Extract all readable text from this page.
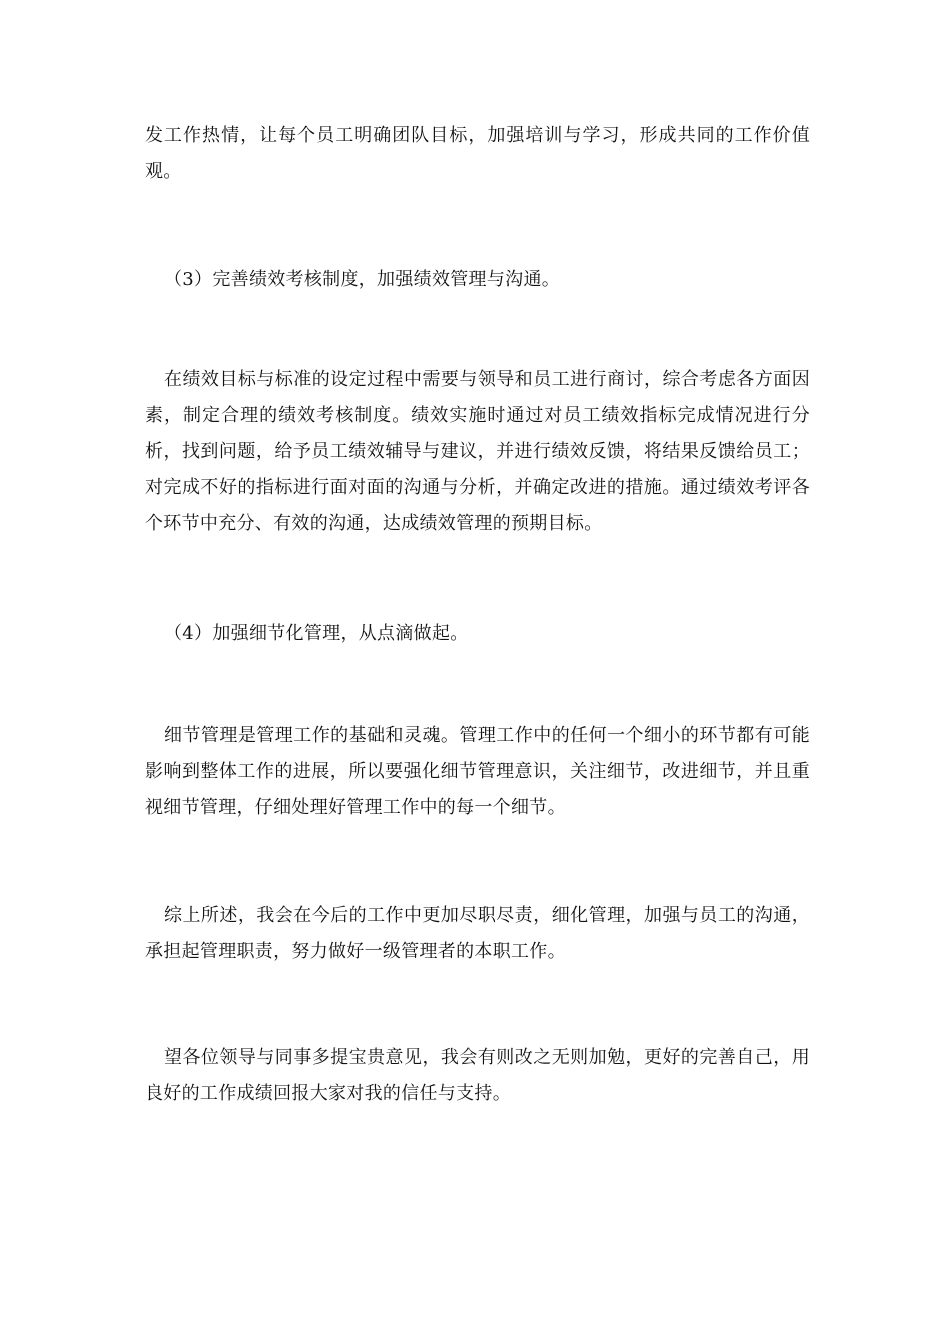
发工作热情，让每个员工明确团队目标，加强培训与学习，形成共同的工作价值观。

（3）完善绩效考核制度，加强绩效管理与沟通。

在绩效目标与标准的设定过程中需要与领导和员工进行商讨，综合考虑各方面因素，制定合理的绩效考核制度。绩效实施时通过对员工绩效指标完成情况进行分析，找到问题，给予员工绩效辅导与建议，并进行绩效反馈，将结果反馈给员工；对完成不好的指标进行面对面的沟通与分析，并确定改进的措施。通过绩效考评各个环节中充分、有效的沟通，达成绩效管理的预期目标。

（4）加强细节化管理，从点滴做起。

细节管理是管理工作的基础和灵魂。管理工作中的任何一个细小的环节都有可能影响到整体工作的进展，所以要强化细节管理意识，关注细节，改进细节，并且重视细节管理，仔细处理好管理工作中的每一个细节。

综上所述，我会在今后的工作中更加尽职尽责，细化管理，加强与员工的沟通，承担起管理职责，努力做好一级管理者的本职工作。

望各位领导与同事多提宝贵意见，我会有则改之无则加勉，更好的完善自己，用良好的工作成绩回报大家对我的信任与支持。
